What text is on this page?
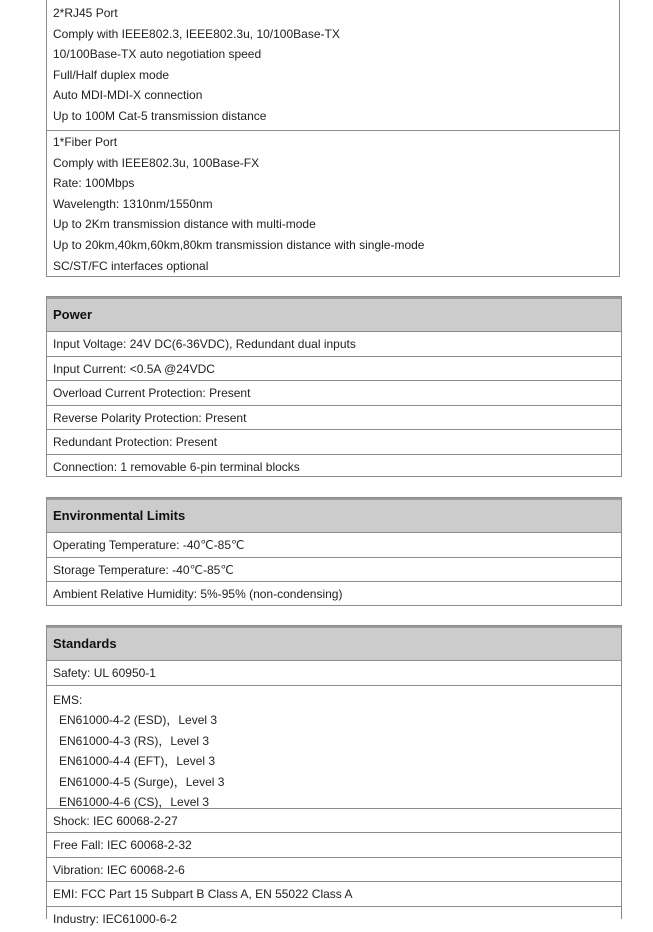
2*RJ45 Port
Comply with IEEE802.3, IEEE802.3u, 10/100Base-TX
10/100Base-TX auto negotiation speed
Full/Half duplex mode
Auto MDI-MDI-X connection
Up to 100M Cat-5 transmission distance
1*Fiber Port
Comply with IEEE802.3u, 100Base-FX
Rate: 100Mbps
Wavelength: 1310nm/1550nm
Up to 2Km transmission distance with multi-mode
Up to 20km,40km,60km,80km transmission distance with single-mode
SC/ST/FC interfaces optional
Power
Input Voltage: 24V DC(6-36VDC), Redundant dual inputs
Input Current: <0.5A @24VDC
Overload Current Protection: Present
Reverse Polarity Protection: Present
Redundant Protection: Present
Connection: 1 removable 6-pin terminal blocks
Environmental Limits
Operating Temperature: -40℃-85℃
Storage Temperature: -40℃-85℃
Ambient Relative Humidity: 5%-95% (non-condensing)
Standards
Safety: UL 60950-1
EMS:
EN61000-4-2 (ESD)，Level 3
EN61000-4-3 (RS)，Level 3
EN61000-4-4 (EFT)，Level 3
EN61000-4-5 (Surge)，Level 3
EN61000-4-6 (CS)，Level 3
Shock: IEC 60068-2-27
Free Fall: IEC 60068-2-32
Vibration: IEC 60068-2-6
EMI: FCC Part 15 Subpart B Class A, EN 55022 Class A
Industry: IEC61000-6-2
